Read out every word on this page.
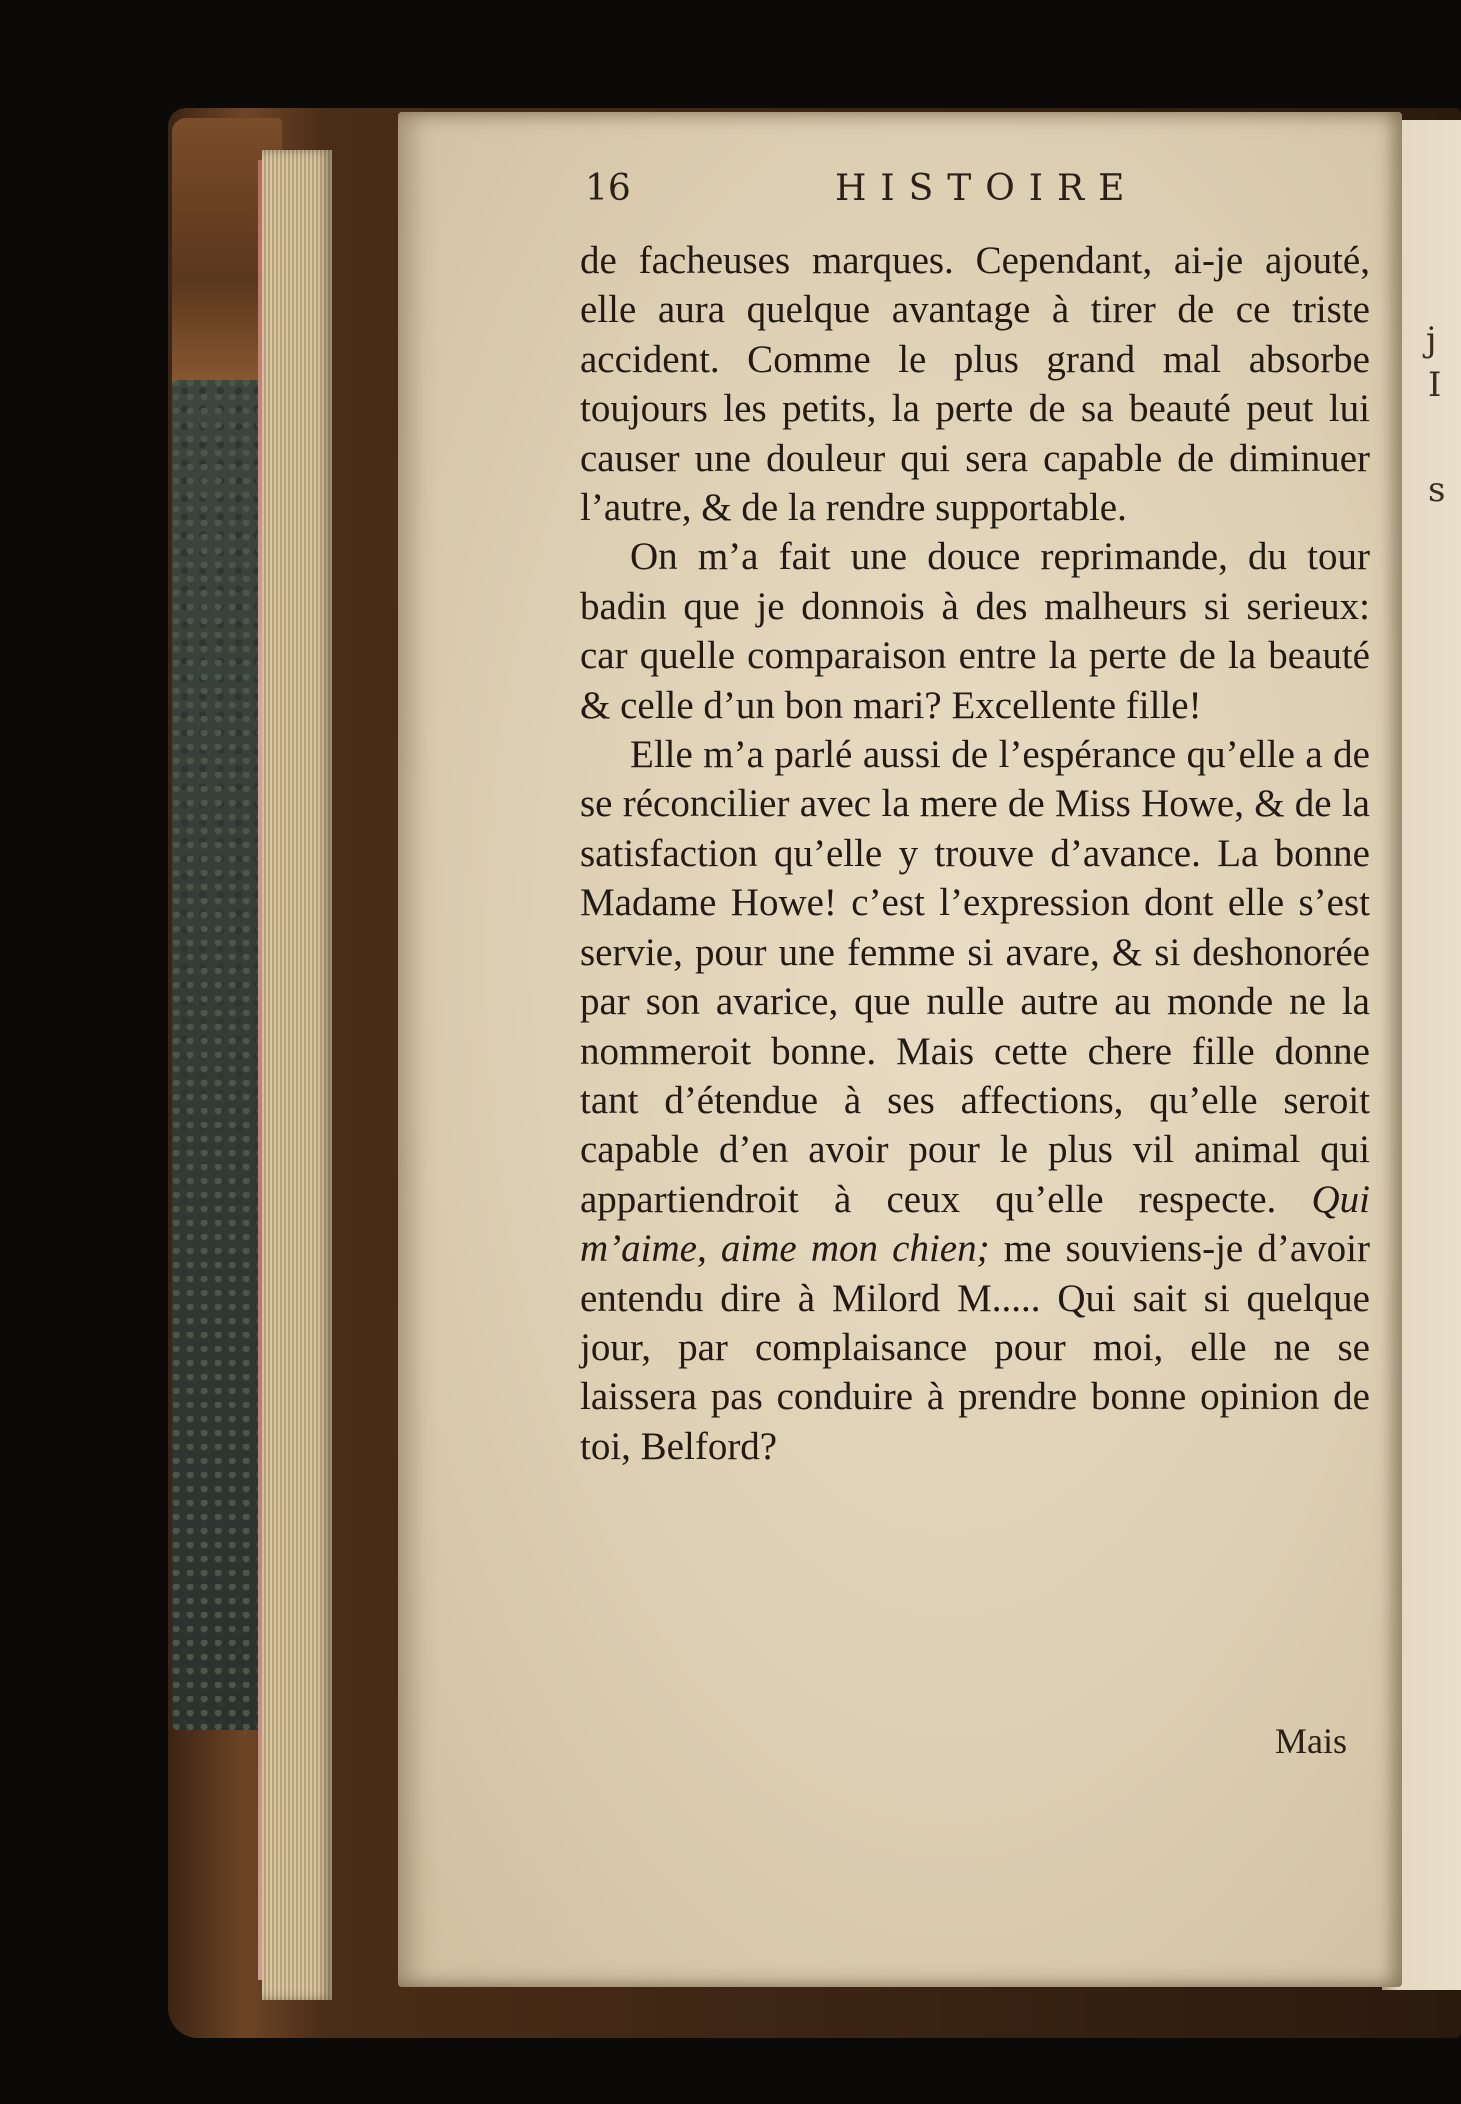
j
I
s
16	HISTOIRE

de facheuses marques. Cependant, ai-je ajouté, elle aura quelque avantage à tirer de ce triste accident. Comme le plus grand mal absorbe toujours les petits, la perte de sa beauté peut lui causer une douleur qui sera capable de diminuer l’autre, & de la rendre supportable.

On m’a fait une douce reprimande, du tour badin que je donnois à des malheurs si serieux: car quelle comparaison entre la perte de la beauté & celle d’un bon mari? Excellente fille!

Elle m’a parlé aussi de l’espérance qu’elle a de se réconcilier avec la mere de Miss Howe, & de la satisfaction qu’elle y trouve d’avance. La bonne Madame Howe! c’est l’expression dont elle s’est servie, pour une femme si avare, & si deshonorée par son avarice, que nulle autre au monde ne la nommeroit bonne. Mais cette chere fille donne tant d’étendue à ses affections, qu’elle seroit capable d’en avoir pour le plus vil animal qui appartiendroit à ceux qu’elle respecte. Qui m’aime, aime mon chien; me souviens-je d’avoir entendu dire à Milord M..... Qui sait si quelque jour, par complaisance pour moi, elle ne se laissera pas conduire à prendre bonne opinion de toi, Belford?

Mais
